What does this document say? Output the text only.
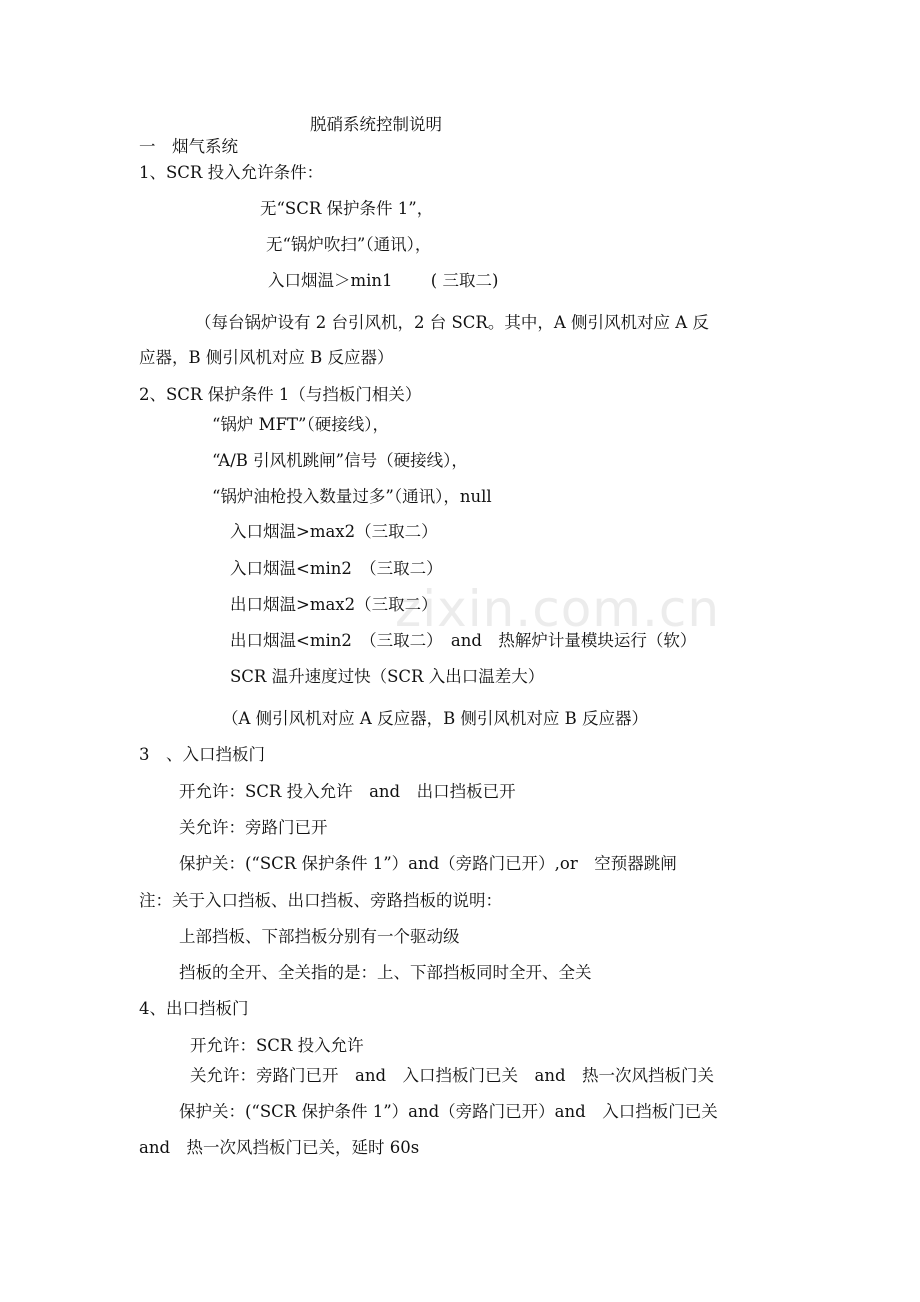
zixin.com.cn
脱硝系统控制说明
一　烟气系统
1、SCR 投入允许条件：
无“SCR 保护条件 1”，
无“锅炉吹扫”（通讯），
入口烟温＞min1　　 ( 三取二)
（每台锅炉设有 2 台引风机，2 台 SCR。其中，A 侧引风机对应 A 反
应器，B 侧引风机对应 B 反应器）
2、SCR 保护条件 1（与挡板门相关）
“锅炉 MFT”（硬接线），
“A/B 引风机跳闸”信号（硬接线），
“锅炉油枪投入数量过多”（通讯），null
入口烟温>max2（三取二）
入口烟温<min2　（三取二）
出口烟温>max2（三取二）
出口烟温<min2　（三取二）　and　热解炉计量模块运行（软）
SCR 温升速度过快（SCR 入出口温差大）
（A 侧引风机对应 A 反应器，B 侧引风机对应 B 反应器）
3　、入口挡板门
开允许：SCR 投入允许　and　出口挡板已开
关允许：旁路门已开
保护关：(“SCR 保护条件 1”）and（旁路门已开）,or　空预器跳闸
注：关于入口挡板、出口挡板、旁路挡板的说明：
上部挡板、下部挡板分别有一个驱动级
挡板的全开、全关指的是：上、下部挡板同时全开、全关
4、出口挡板门
开允许：SCR 投入允许
关允许：旁路门已开　and　入口挡板门已关　and　热一次风挡板门关
保护关：(“SCR 保护条件 1”）and（旁路门已开）and　入口挡板门已关
and　热一次风挡板门已关，延时 60s
